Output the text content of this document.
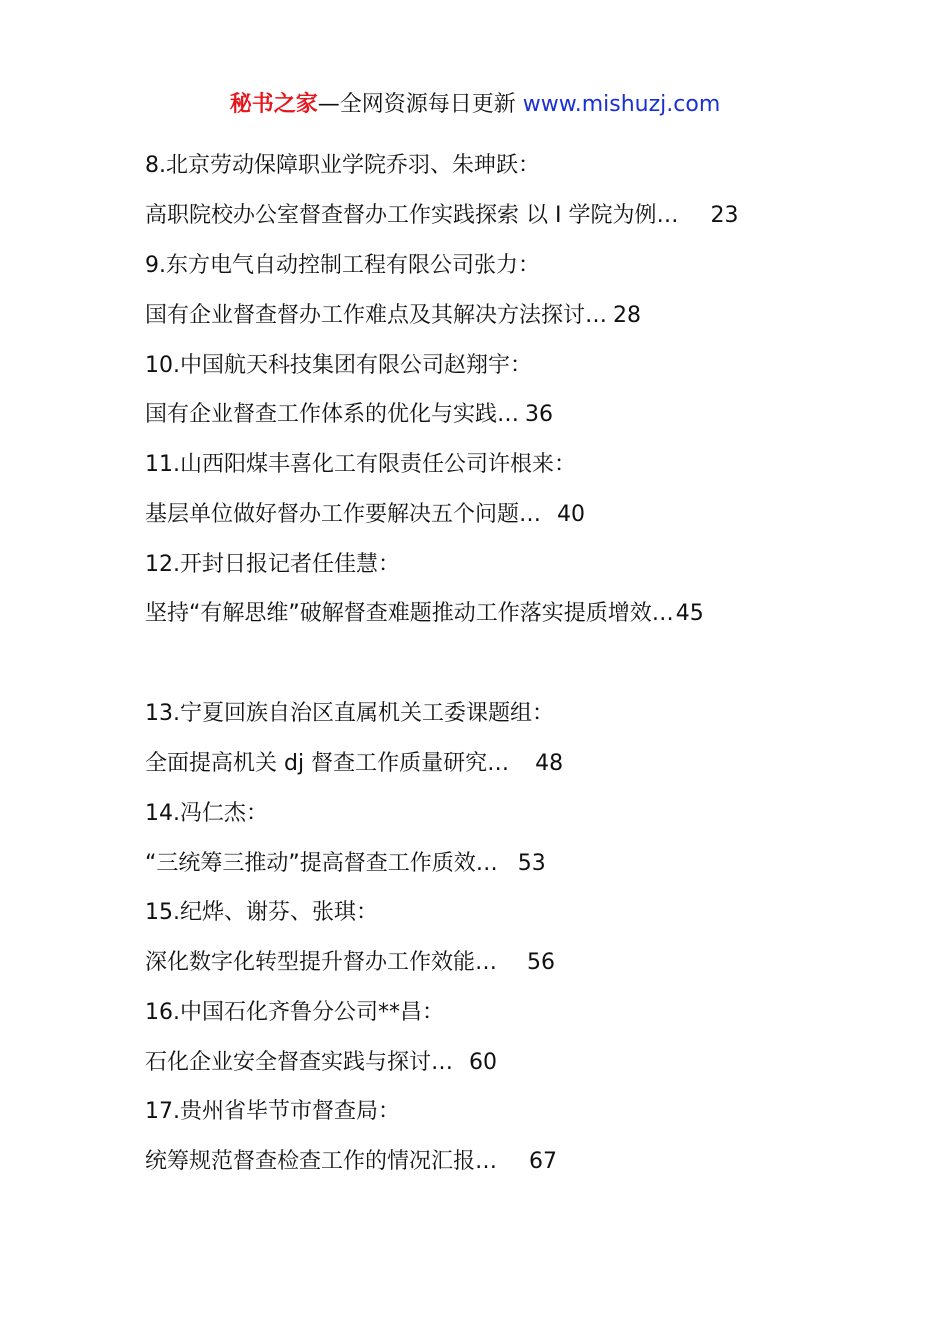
秘书之家—全网资源每日更新 www.mishuzj.com
8.北京劳动保障职业学院乔羽、朱珅跃：
高职院校办公室督查督办工作实践探索 以 I 学院为例… 23
9.东方电气自动控制工程有限公司张力：
国有企业督查督办工作难点及其解决方法探讨… 28
10.中国航天科技集团有限公司赵翔宇：
国有企业督查工作体系的优化与实践… 36
11.山西阳煤丰喜化工有限责任公司许根来：
基层单位做好督办工作要解决五个问题… 40
12.开封日报记者任佳慧：
坚持“有解思维”破解督查难题推动工作落实提质增效…45
13.宁夏回族自治区直属机关工委课题组：
全面提高机关 dj 督查工作质量研究… 48
14.冯仁杰：
“三统筹三推动”提高督查工作质效… 53
15.纪烨、谢芬、张琪：
深化数字化转型提升督办工作效能… 56
16.中国石化齐鲁分公司**昌：
石化企业安全督查实践与探讨… 60
17.贵州省毕节市督查局：
统筹规范督查检查工作的情况汇报… 67
